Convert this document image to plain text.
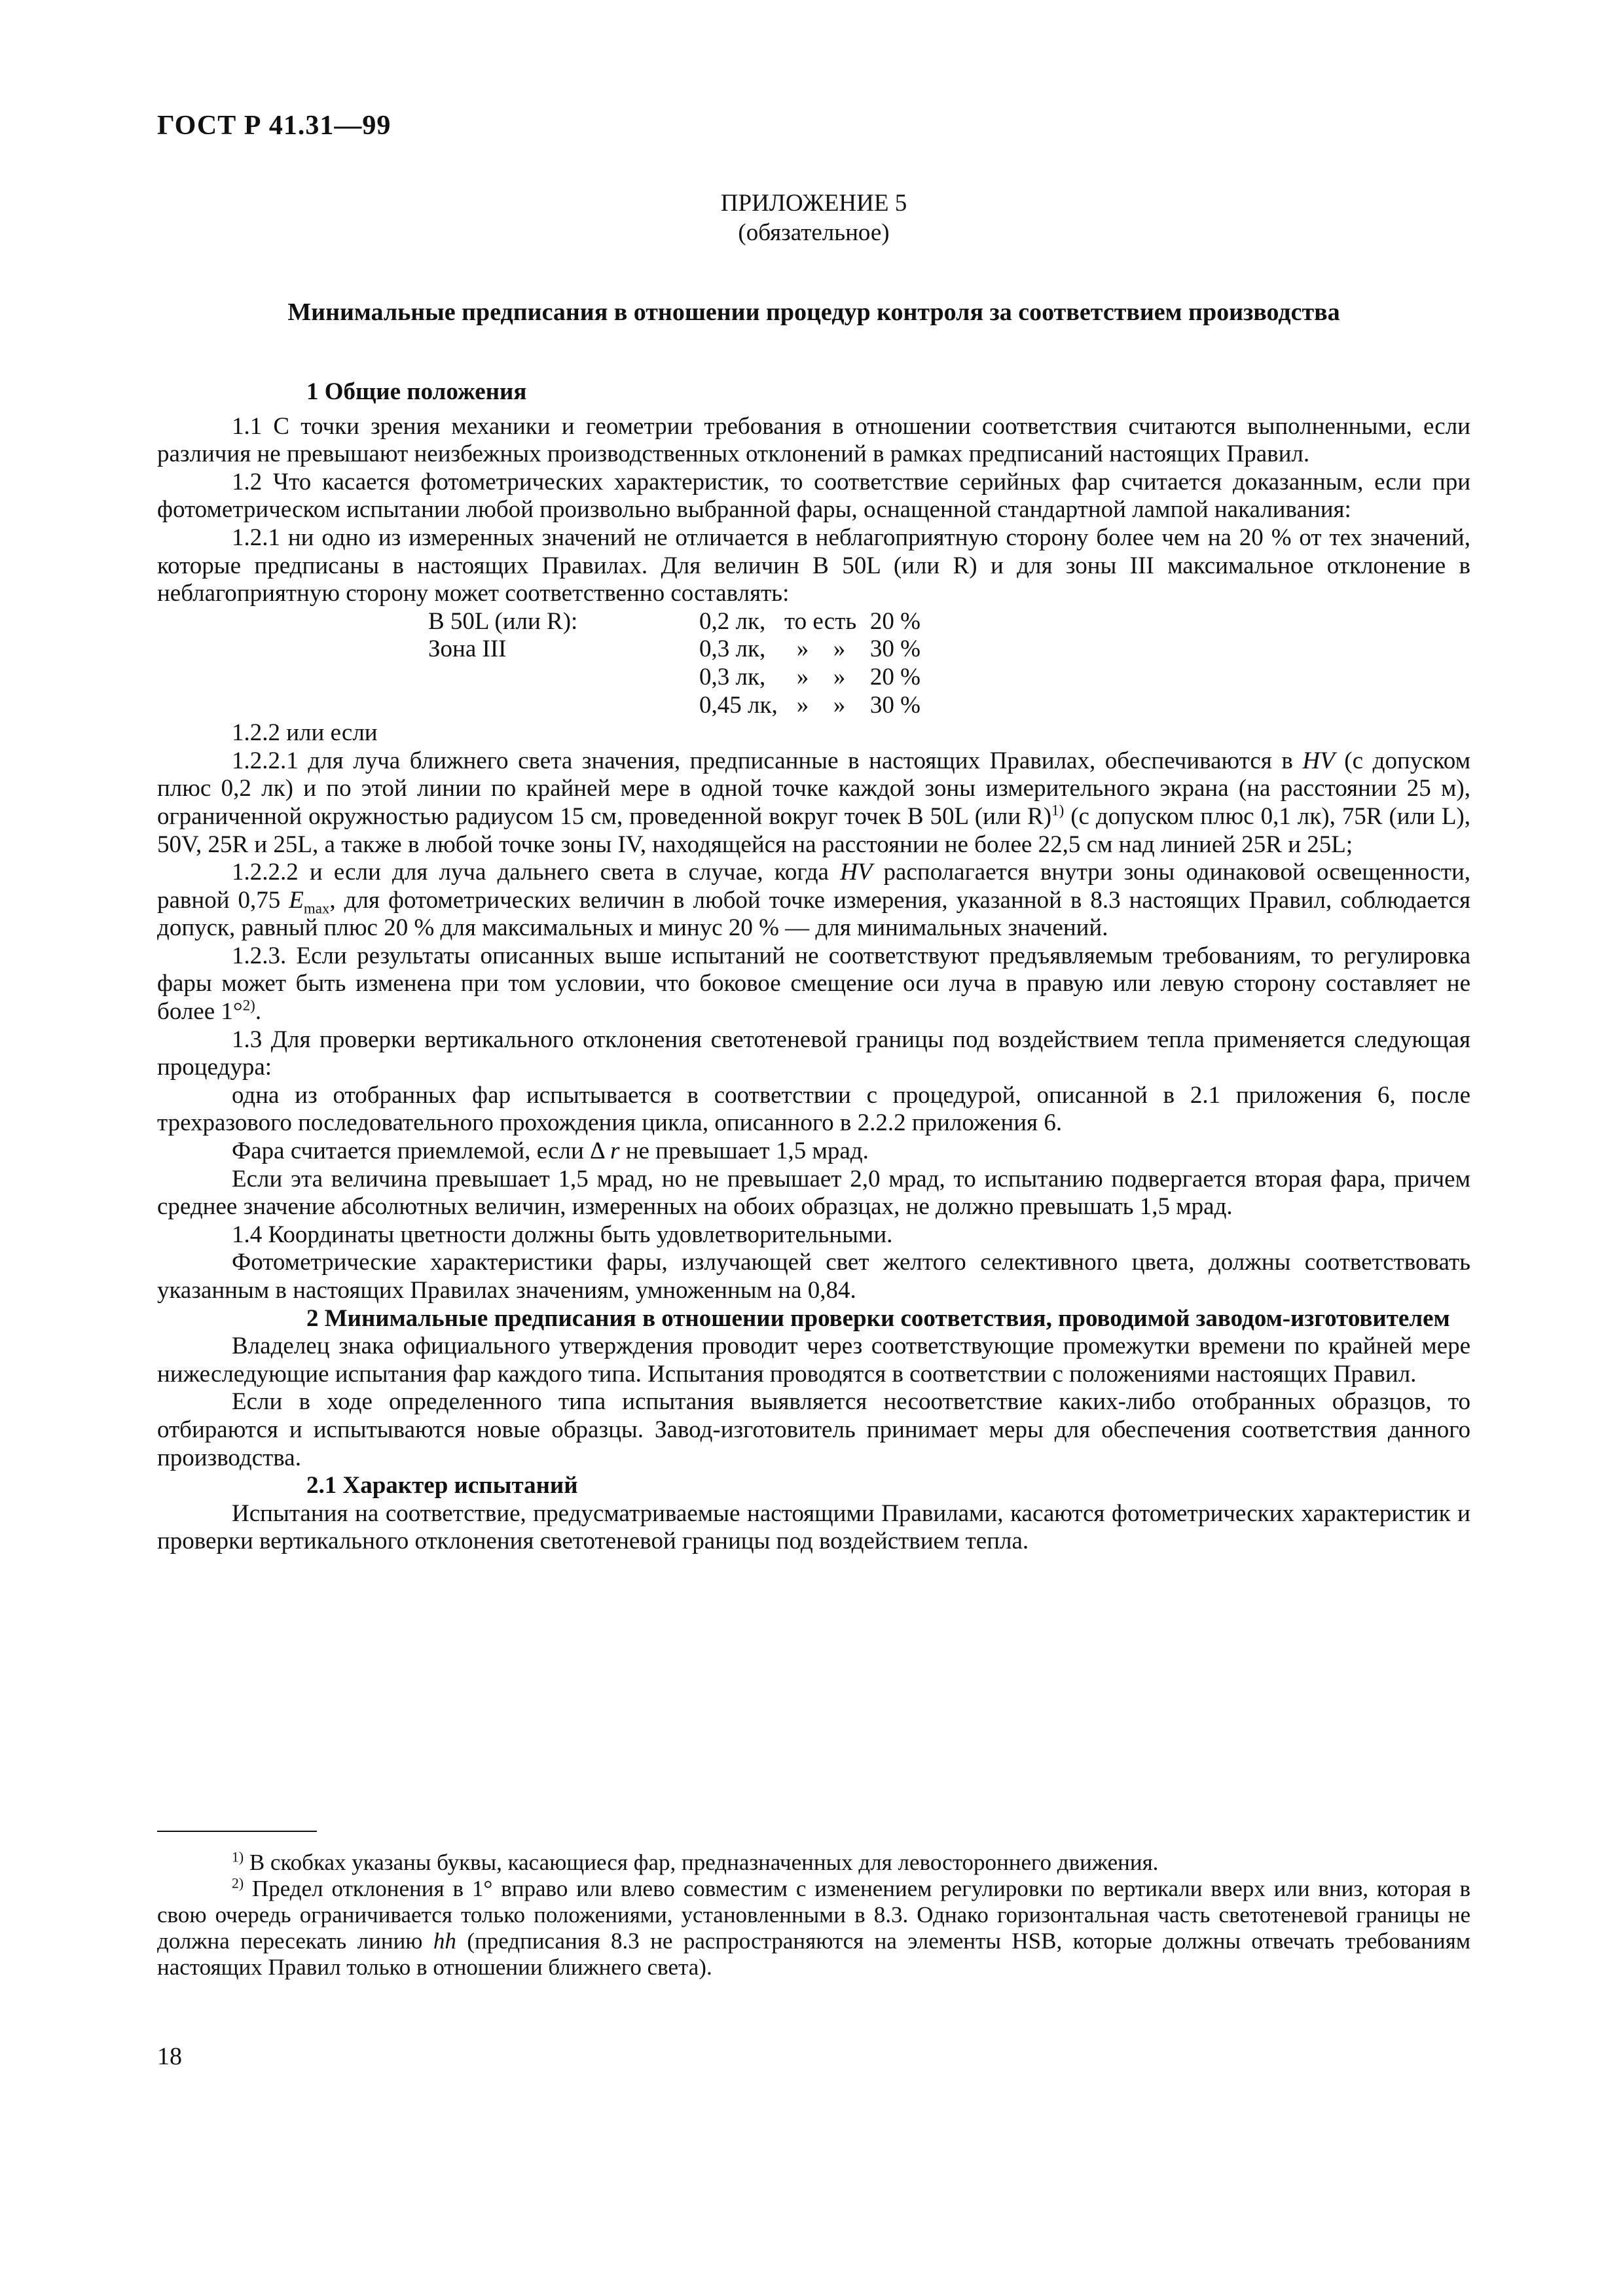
ГОСТ Р 41.31—99
ПРИЛОЖЕНИЕ 5
(обязательное)
Минимальные предписания в отношении процедур контроля за соответствием производства

1 Общие положения

1.1 С точки зрения механики и геометрии требования в отношении соответствия считаются выполненными, если различия не превышают неизбежных производственных отклонений в рамках предписаний настоящих Правил.

1.2 Что касается фотометрических характеристик, то соответствие серийных фар считается доказанным, если при фотометрическом испытании любой произвольно выбранной фары, оснащенной стандартной лампой накаливания:

1.2.1 ни одно из измеренных значений не отличается в неблагоприятную сторону более чем на 20 % от тех значений, которые предписаны в настоящих Правилах. Для величин В 50L (или R) и для зоны III максимальное отклонение в неблагоприятную сторону может соответственно составлять:

В 50L (или R):	0,2 лк,	то есть		20 %
Зона III	0,3 лк,	»	»	30 %
	0,3 лк,	»	»	20 %
	0,45 лк,	»	»	30 %

1.2.2 или если

1.2.2.1 для луча ближнего света значения, предписанные в настоящих Правилах, обеспечиваются в HV (с допуском плюс 0,2 лк) и по этой линии по крайней мере в одной точке каждой зоны измерительного экрана (на расстоянии 25 м), ограниченной окружностью радиусом 15 см, проведенной вокруг точек В 50L (или R)$^{1)}$ (с допуском плюс 0,1 лк), 75R (или L), 50V, 25R и 25L, а также в любой точке зоны IV, находящейся на расстоянии не более 22,5 см над линией 25R и 25L;

1.2.2.2 и если для луча дальнего света в случае, когда HV располагается внутри зоны одинаковой освещенности, равной 0,75 $E_{max}$, для фотометрических величин в любой точке измерения, указанной в 8.3 настоящих Правил, соблюдается допуск, равный плюс 20 % для максимальных и минус 20 % — для минимальных значений.

1.2.3. Если результаты описанных выше испытаний не соответствуют предъявляемым требованиям, то регулировка фары может быть изменена при том условии, что боковое смещение оси луча в правую или левую сторону составляет не более 1°$^{2)}$.

1.3 Для проверки вертикального отклонения светотеневой границы под воздействием тепла применяется следующая процедура:

одна из отобранных фар испытывается в соответствии с процедурой, описанной в 2.1 приложения 6, после трехразового последовательного прохождения цикла, описанного в 2.2.2 приложения 6.

Фара считается приемлемой, если Δ r не превышает 1,5 мрад.

Если эта величина превышает 1,5 мрад, но не превышает 2,0 мрад, то испытанию подвергается вторая фара, причем среднее значение абсолютных величин, измеренных на обоих образцах, не должно превышать 1,5 мрад.

1.4 Координаты цветности должны быть удовлетворительными.

Фотометрические характеристики фары, излучающей свет желтого селективного цвета, должны соответствовать указанным в настоящих Правилах значениям, умноженным на 0,84.

2 Минимальные предписания в отношении проверки соответствия, проводимой заводом-изготовителем

Владелец знака официального утверждения проводит через соответствующие промежутки времени по крайней мере нижеследующие испытания фар каждого типа. Испытания проводятся в соответствии с положениями настоящих Правил.

Если в ходе определенного типа испытания выявляется несоответствие каких-либо отобранных образцов, то отбираются и испытываются новые образцы. Завод-изготовитель принимает меры для обеспечения соответствия данного производства.

2.1 Характер испытаний

Испытания на соответствие, предусматриваемые настоящими Правилами, касаются фотометрических характеристик и проверки вертикального отклонения светотеневой границы под воздействием тепла.

$^{1)}$ В скобках указаны буквы, касающиеся фар, предназначенных для левостороннего движения.

$^{2)}$ Предел отклонения в 1° вправо или влево совместим с изменением регулировки по вертикали вверх или вниз, которая в свою очередь ограничивается только положениями, установленными в 8.3. Однако горизонтальная часть светотеневой границы не должна пересекать линию hh (предписания 8.3 не распространяются на элементы HSB, которые должны отвечать требованиям настоящих Правил только в отношении ближнего света).

18
